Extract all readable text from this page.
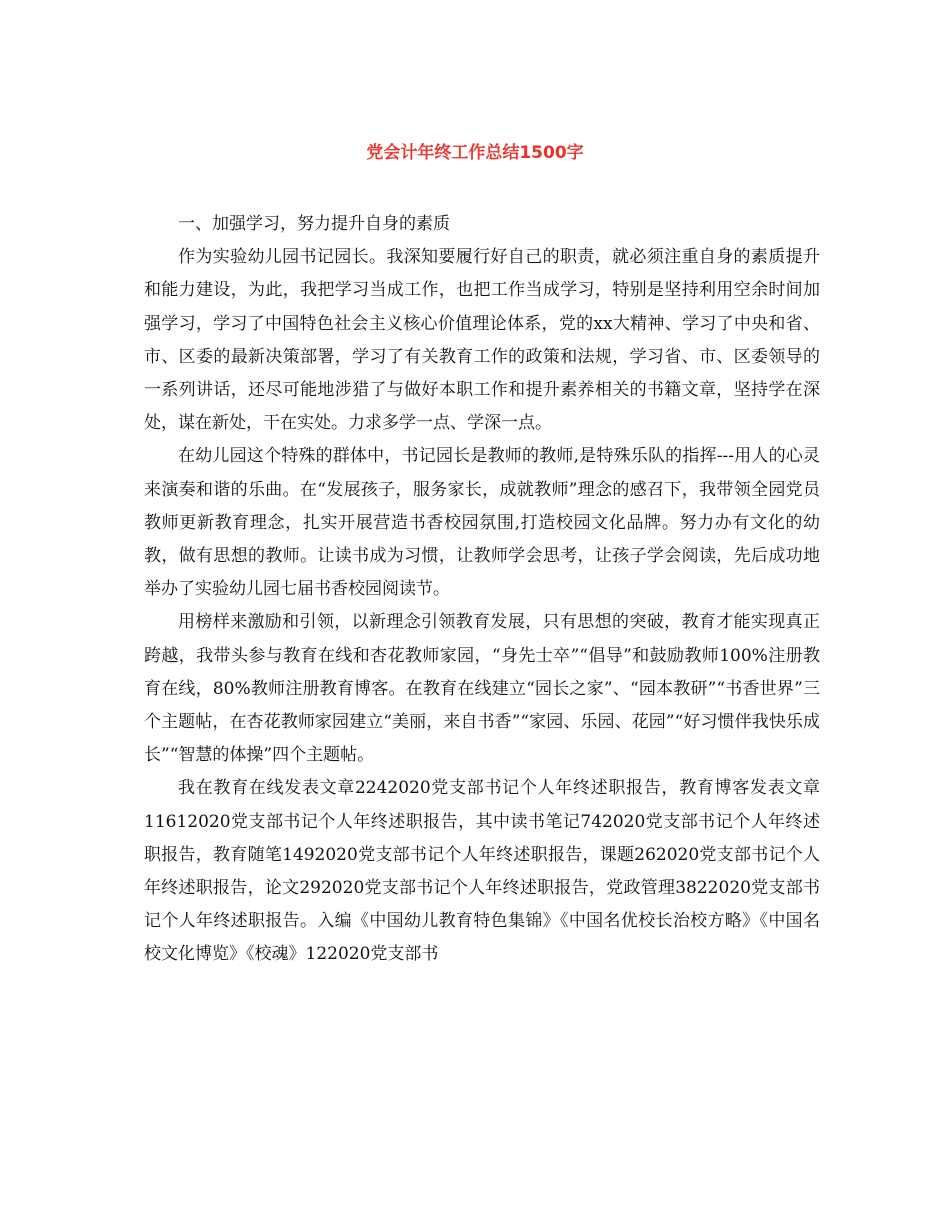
党会计年终工作总结1500字

一、加强学习，努力提升自身的素质

作为实验幼儿园书记园长。我深知要履行好自己的职责，就必须注重自身的素质提升和能力建设，为此，我把学习当成工作，也把工作当成学习，特别是坚持利用空余时间加强学习，学习了中国特色社会主义核心价值理论体系，党的xx大精神、学习了中央和省、市、区委的最新决策部署，学习了有关教育工作的政策和法规，学习省、市、区委领导的一系列讲话，还尽可能地涉猎了与做好本职工作和提升素养相关的书籍文章，坚持学在深处，谋在新处，干在实处。力求多学一点、学深一点。

在幼儿园这个特殊的群体中，书记园长是教师的教师,是特殊乐队的指挥---用人的心灵来演奏和谐的乐曲。在“发展孩子，服务家长，成就教师”理念的感召下，我带领全园党员教师更新教育理念，扎实开展营造书香校园氛围,打造校园文化品牌。努力办有文化的幼教，做有思想的教师。让读书成为习惯，让教师学会思考，让孩子学会阅读，先后成功地举办了实验幼儿园七届书香校园阅读节。

用榜样来激励和引领，以新理念引领教育发展，只有思想的突破，教育才能实现真正跨越，我带头参与教育在线和杏花教师家园，“身先士卒”“倡导”和鼓励教师100%注册教育在线，80%教师注册教育博客。在教育在线建立“园长之家”、“园本教研”“书香世界”三个主题帖，在杏花教师家园建立“美丽，来自书香”“家园、乐园、花园”“好习惯伴我快乐成长”“智慧的体操”四个主题帖。

我在教育在线发表文章2242020党支部书记个人年终述职报告，教育博客发表文章11612020党支部书记个人年终述职报告，其中读书笔记742020党支部书记个人年终述职报告，教育随笔1492020党支部书记个人年终述职报告，课题262020党支部书记个人年终述职报告，论文292020党支部书记个人年终述职报告，党政管理3822020党支部书记个人年终述职报告。入编《中国幼儿教育特色集锦》《中国名优校长治校方略》《中国名校文化博览》《校魂》122020党支部书
